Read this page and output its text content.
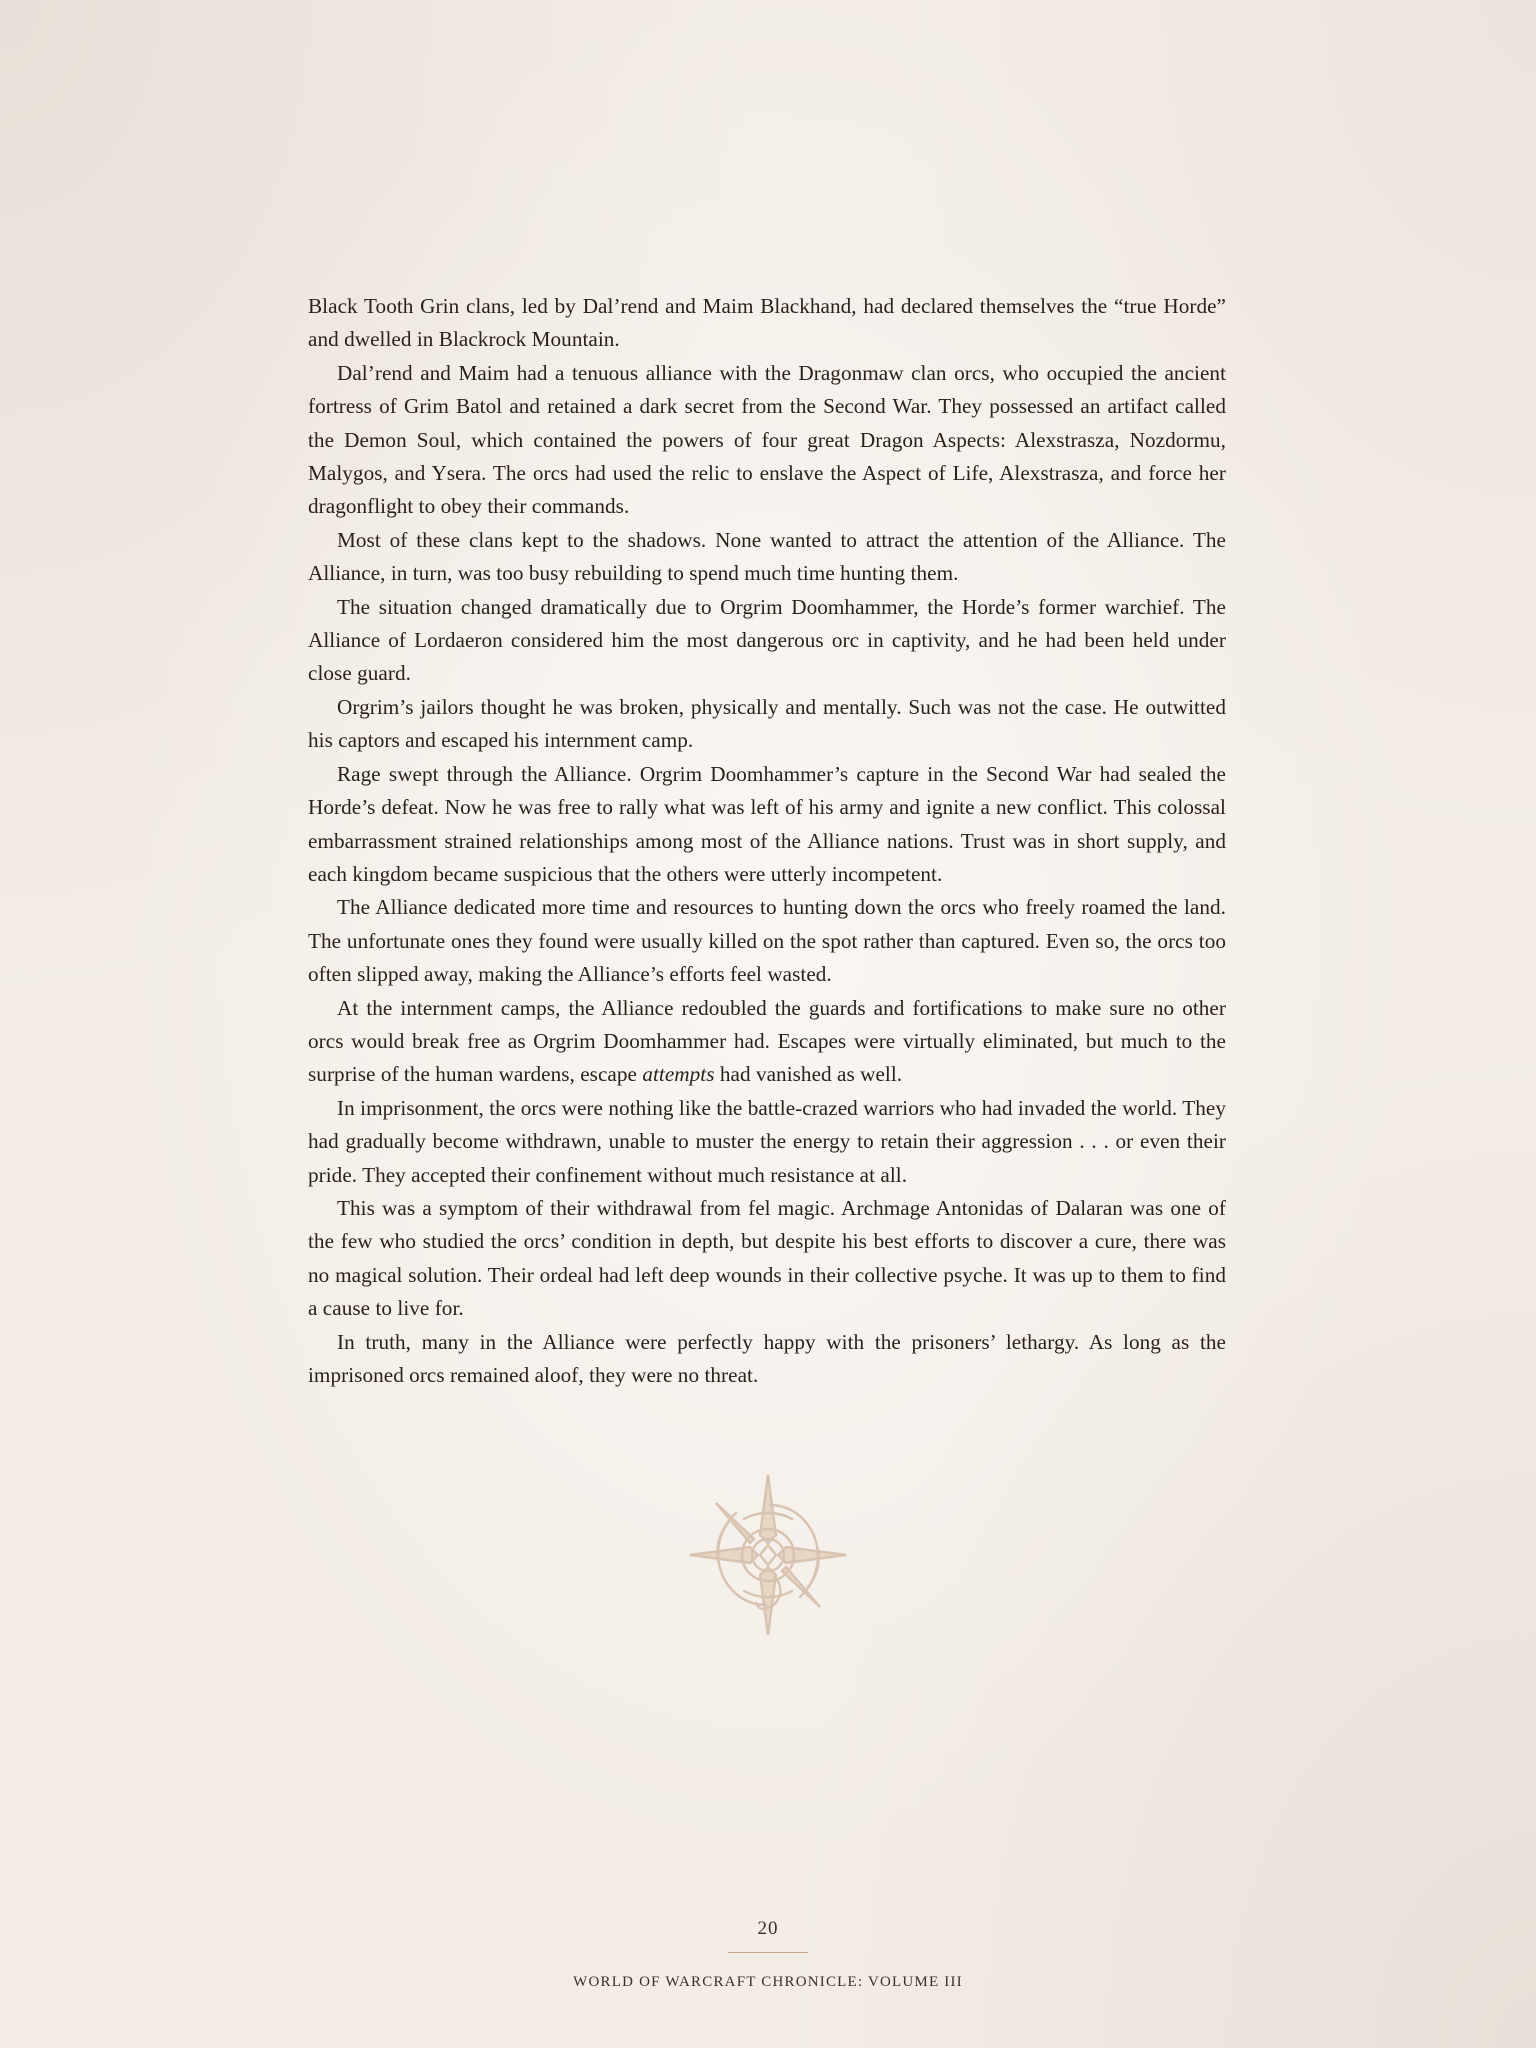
Black Tooth Grin clans, led by Dal’rend and Maim Blackhand, had declared themselves the “true Horde” and dwelled in Blackrock Mountain.

Dal’rend and Maim had a tenuous alliance with the Dragonmaw clan orcs, who occupied the ancient fortress of Grim Batol and retained a dark secret from the Second War. They possessed an artifact called the Demon Soul, which contained the powers of four great Dragon Aspects: Alexstrasza, Nozdormu, Malygos, and Ysera. The orcs had used the relic to enslave the Aspect of Life, Alexstrasza, and force her dragonflight to obey their commands.

Most of these clans kept to the shadows. None wanted to attract the attention of the Alliance. The Alliance, in turn, was too busy rebuilding to spend much time hunting them.

The situation changed dramatically due to Orgrim Doomhammer, the Horde’s former warchief. The Alliance of Lordaeron considered him the most dangerous orc in captivity, and he had been held under close guard.

Orgrim’s jailors thought he was broken, physically and mentally. Such was not the case. He outwitted his captors and escaped his internment camp.

Rage swept through the Alliance. Orgrim Doomhammer’s capture in the Second War had sealed the Horde’s defeat. Now he was free to rally what was left of his army and ignite a new conflict. This colossal embarrassment strained relationships among most of the Alliance nations. Trust was in short supply, and each kingdom became suspicious that the others were utterly incompetent.

The Alliance dedicated more time and resources to hunting down the orcs who freely roamed the land. The unfortunate ones they found were usually killed on the spot rather than captured. Even so, the orcs too often slipped away, making the Alliance’s efforts feel wasted.

At the internment camps, the Alliance redoubled the guards and fortifications to make sure no other orcs would break free as Orgrim Doomhammer had. Escapes were virtually eliminated, but much to the surprise of the human wardens, escape attempts had vanished as well.

In imprisonment, the orcs were nothing like the battle-crazed warriors who had invaded the world. They had gradually become withdrawn, unable to muster the energy to retain their aggression . . . or even their pride. They accepted their confinement without much resistance at all.

This was a symptom of their withdrawal from fel magic. Archmage Antonidas of Dalaran was one of the few who studied the orcs’ condition in depth, but despite his best efforts to discover a cure, there was no magical solution. Their ordeal had left deep wounds in their collective psyche. It was up to them to find a cause to live for.

In truth, many in the Alliance were perfectly happy with the prisoners’ lethargy. As long as the imprisoned orcs remained aloof, they were no threat.

20
WORLD OF WARCRAFT CHRONICLE: VOLUME III
